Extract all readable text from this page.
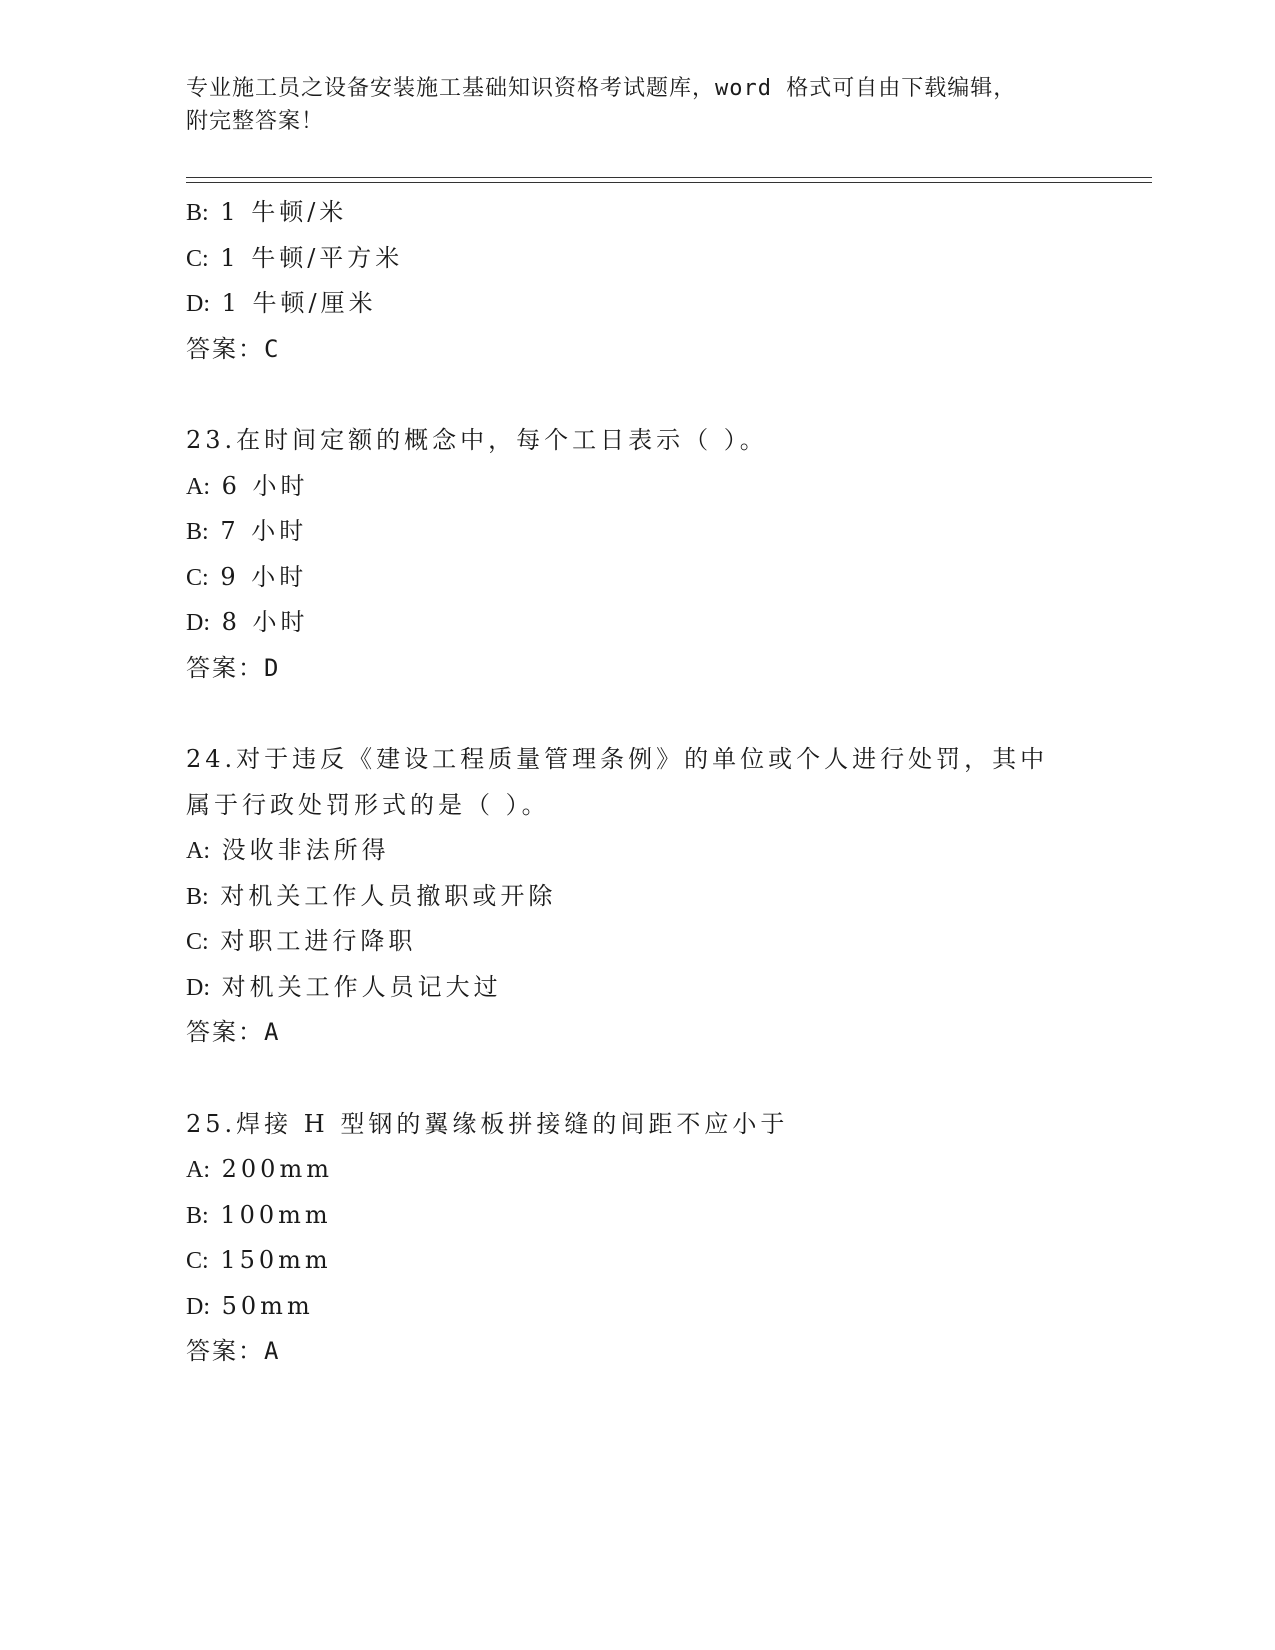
专业施工员之设备安装施工基础知识资格考试题库，word 格式可自由下载编辑，
附完整答案！
B: 1 牛顿/米
C: 1 牛顿/平方米
D: 1 牛顿/厘米
答案：C
23.在时间定额的概念中，每个工日表示（ ）。
A: 6 小时
B: 7 小时
C: 9 小时
D: 8 小时
答案：D
24.对于违反《建设工程质量管理条例》的单位或个人进行处罚，其中
属于行政处罚形式的是（ ）。
A: 没收非法所得
B: 对机关工作人员撤职或开除
C: 对职工进行降职
D: 对机关工作人员记大过
答案：A
25.焊接 H 型钢的翼缘板拼接缝的间距不应小于
A: 200mm
B: 100mm
C: 150mm
D: 50mm
答案：A
